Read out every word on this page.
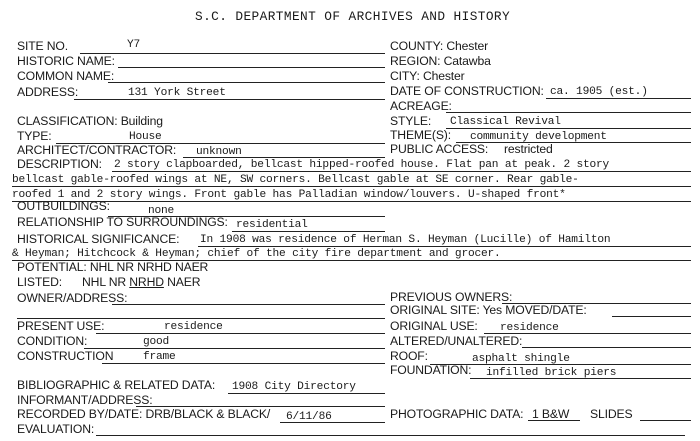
S.C. DEPARTMENT OF ARCHIVES AND HISTORY
SITE NO.	Y7
HISTORIC NAME:
COMMON NAME:
ADDRESS:	131 York Street
CLASSIFICATION: Building
TYPE:	House
ARCHITECT/CONTRACTOR: unknown
DESCRIPTION: 2 story clapboarded, bellcast hipped-roofed house. Flat pan at peak. 2 story
bellcast gable-roofed wings at NE, SW corners. Bellcast gable at SE corner. Rear gable-
roofed 1 and 2 story wings. Front gable has Palladian window/louvers. U-shaped front*
OUTBUILDINGS:	none
RELATIONSHIP TO SURROUNDINGS: residential
HISTORICAL SIGNIFICANCE: In 1908 was residence of Herman S. Heyman (Lucille) of Hamilton
& Heyman; Hitchcock & Heyman; chief of the city fire department and grocer.
POTENTIAL: NHL NR NRHD NAER
LISTED: NHL NR NRHD NAER
OWNER/ADDRESS:
PRESENT USE:	residence
CONDITION:	good
CONSTRUCTION	frame
BIBLIOGRAPHIC & RELATED DATA: 1908 City Directory
INFORMANT/ADDRESS:
RECORDED BY/DATE: DRB/BLACK & BLACK/ 6/11/86
EVALUATION:
COUNTY: Chester
REGION: Catawba
CITY: Chester
DATE OF CONSTRUCTION: ca. 1905 (est.)
ACREAGE:
STYLE: Classical Revival
THEME(S): community development
PUBLIC ACCESS: restricted
PREVIOUS OWNERS:
ORIGINAL SITE: Yes MOVED/DATE:
ORIGINAL USE: residence
ALTERED/UNALTERED:
ROOF:	asphalt shingle
FOUNDATION: infilled brick piers
PHOTOGRAPHIC DATA: 1 B&W SLIDES
